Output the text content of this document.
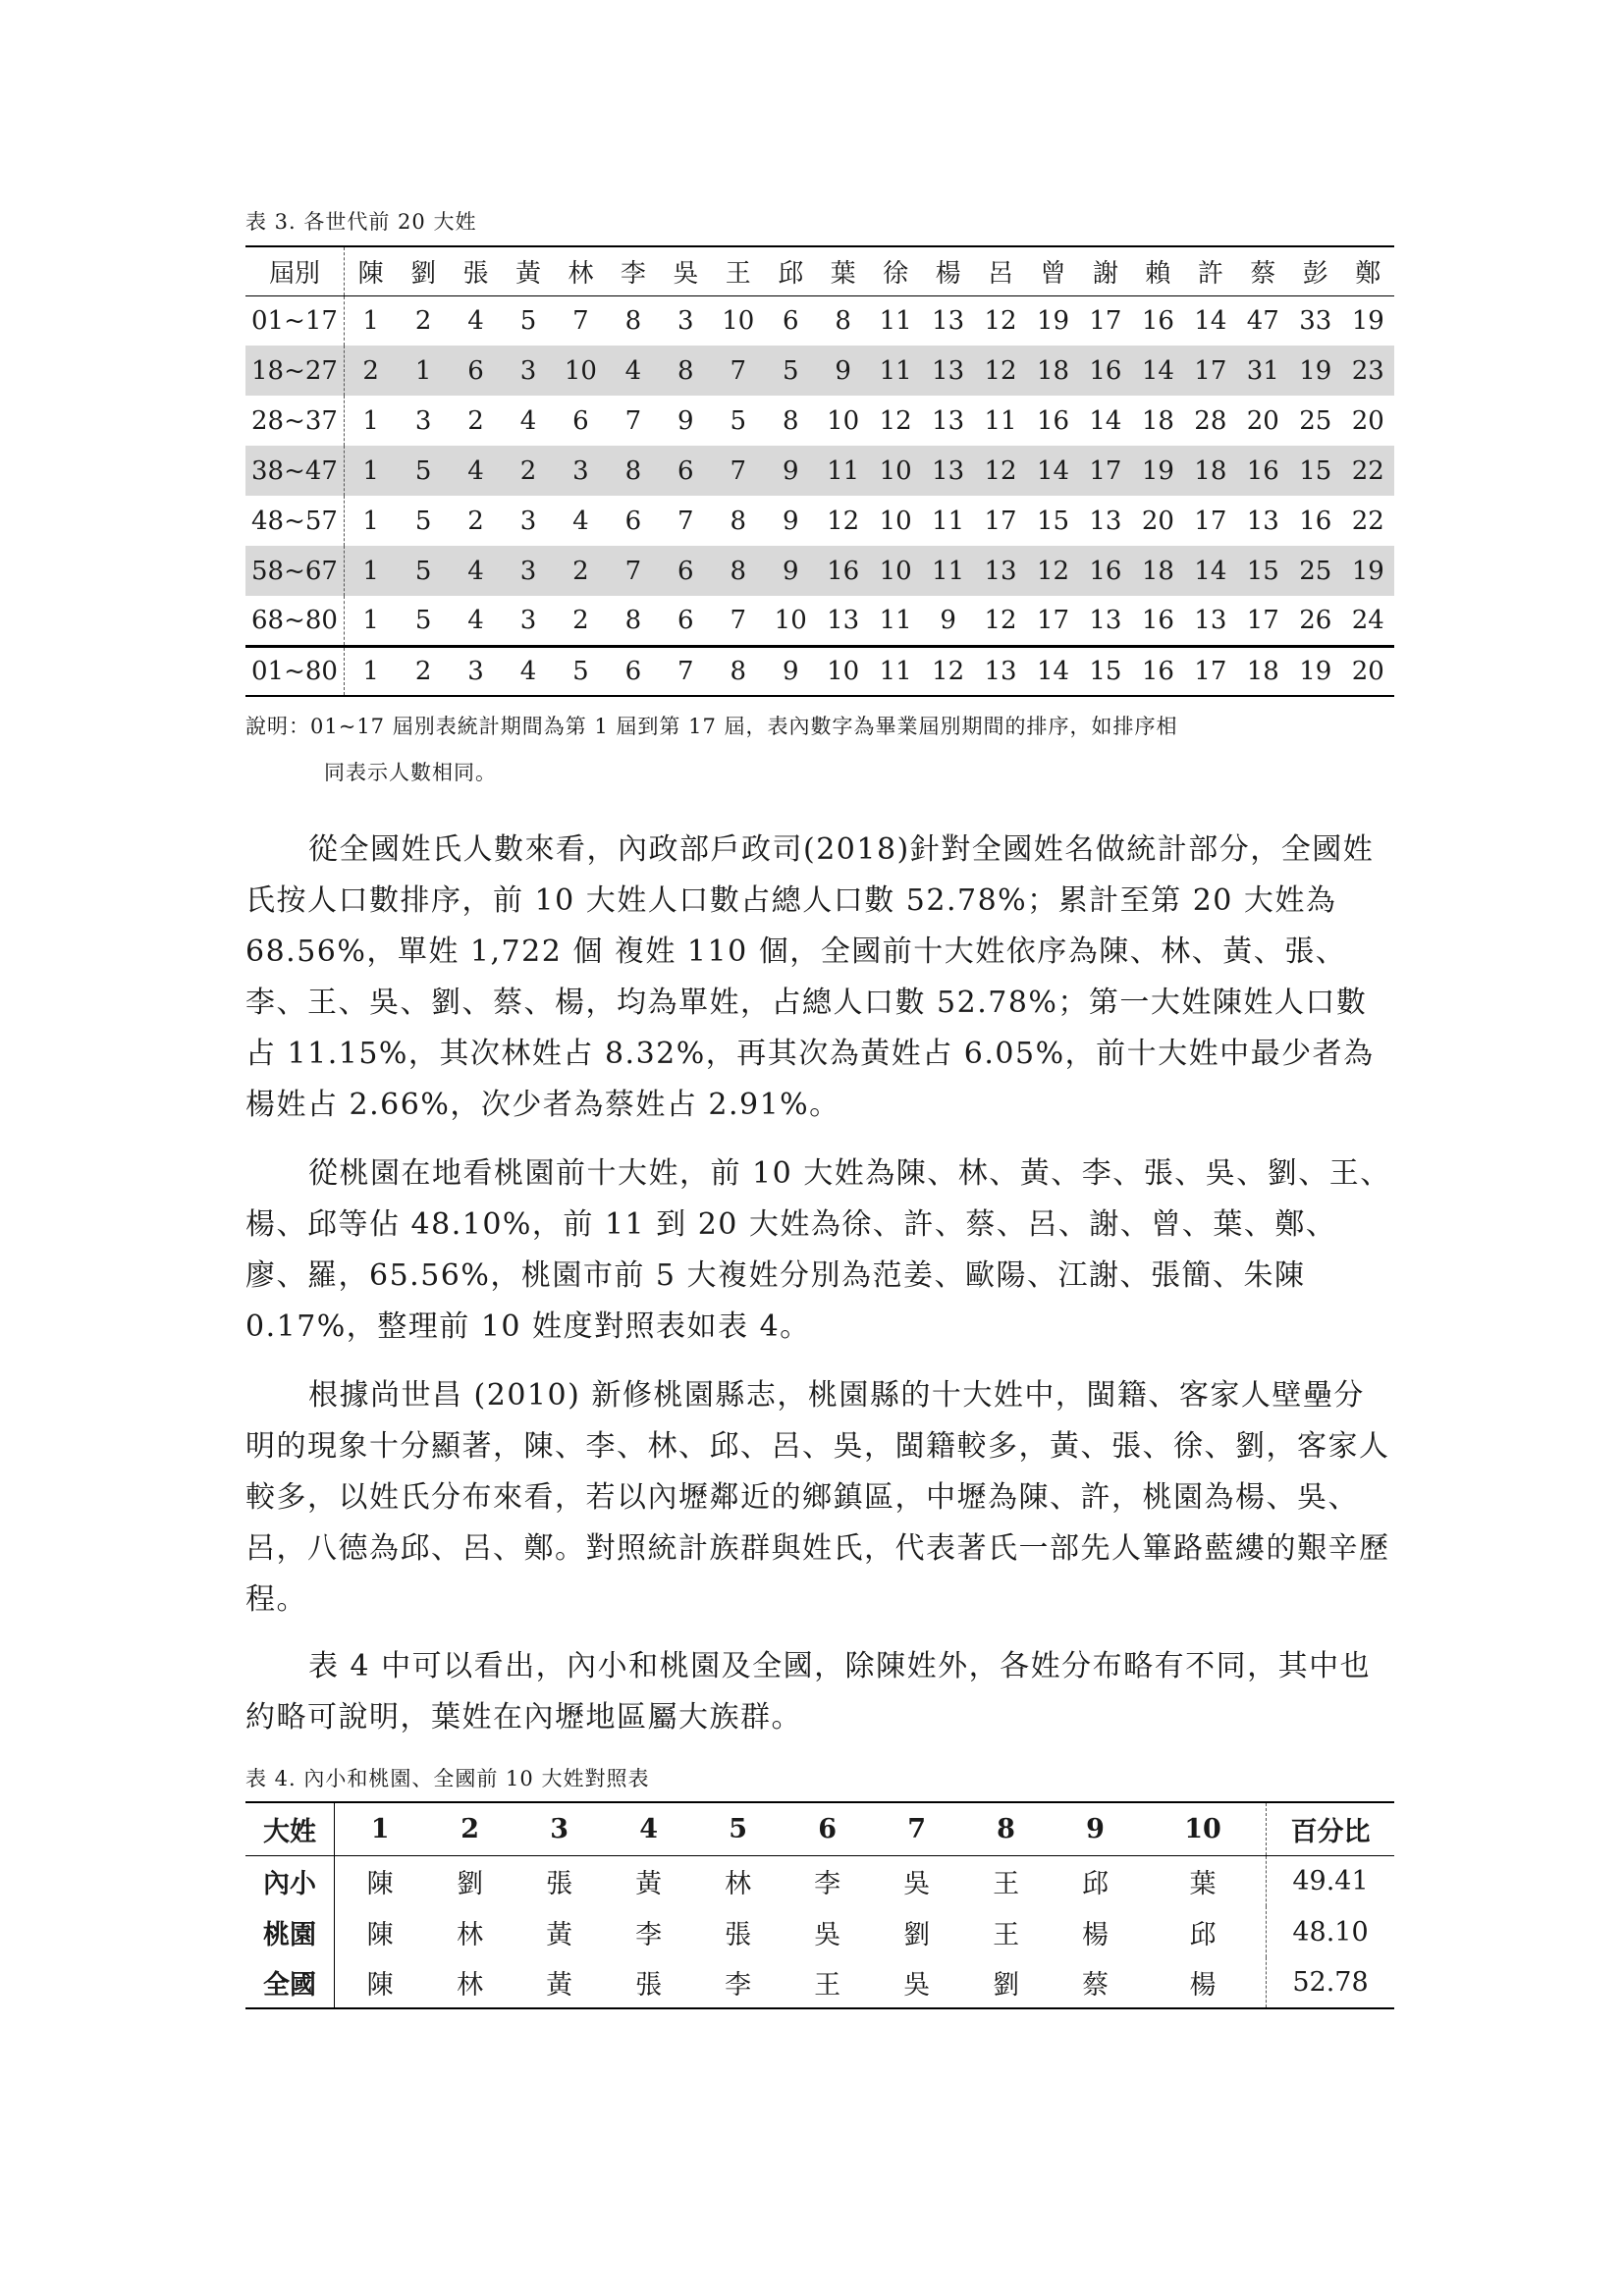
表 3. 各世代前 20 大姓
屆別	陳	劉	張	黃	林	李	吳	王	邱	葉	徐	楊	呂	曾	謝	賴	許	蔡	彭	鄭
01~17	1	2	4	5	7	8	3	10	6	8	11	13	12	19	17	16	14	47	33	19
18~27	2	1	6	3	10	4	8	7	5	9	11	13	12	18	16	14	17	31	19	23
28~37	1	3	2	4	6	7	9	5	8	10	12	13	11	16	14	18	28	20	25	20
38~47	1	5	4	2	3	8	6	7	9	11	10	13	12	14	17	19	18	16	15	22
48~57	1	5	2	3	4	6	7	8	9	12	10	11	17	15	13	20	17	13	16	22
58~67	1	5	4	3	2	7	6	8	9	16	10	11	13	12	16	18	14	15	25	19
68~80	1	5	4	3	2	8	6	7	10	13	11	9	12	17	13	16	13	17	26	24
01~80	1	2	3	4	5	6	7	8	9	10	11	12	13	14	15	16	17	18	19	20
說明：01~17 屆別表統計期間為第 1 屆到第 17 屆，表內數字為畢業屆別期間的排序，如排序相
同表示人數相同。

從全國姓氏人數來看，內政部戶政司(2018)針對全國姓名做統計部分，全國姓氏按人口數排序，前 10 大姓人口數占總人口數 52.78%；累計至第 20 大姓為 68.56%，單姓 1,722 個 複姓 110 個，全國前十大姓依序為陳、林、黃、張、李、王、吳、劉、蔡、楊，均為單姓，占總人口數 52.78%；第一大姓陳姓人口數占 11.15%，其次林姓占 8.32%，再其次為黃姓占 6.05%，前十大姓中最少者為楊姓占 2.66%，次少者為蔡姓占 2.91%。

從桃園在地看桃園前十大姓，前 10 大姓為陳、林、黃、李、張、吳、劉、王、楊、邱等佔 48.10%，前 11 到 20 大姓為徐、許、蔡、呂、謝、曾、葉、鄭、廖、羅，65.56%，桃園市前 5 大複姓分別為范姜、歐陽、江謝、張簡、朱陳 0.17%，整理前 10 姓度對照表如表 4。

根據尚世昌 (2010) 新修桃園縣志，桃園縣的十大姓中，閩籍、客家人壁壘分明的現象十分顯著，陳、李、林、邱、呂、吳，閩籍較多，黃、張、徐、劉，客家人較多，以姓氏分布來看，若以內壢鄰近的鄉鎮區，中壢為陳、許，桃園為楊、吳、呂，八德為邱、呂、鄭。對照統計族群與姓氏，代表著氏一部先人篳路藍縷的艱辛歷程。

表 4 中可以看出，內小和桃園及全國，除陳姓外，各姓分布略有不同，其中也約略可說明，葉姓在內壢地區屬大族群。

表 4. 內小和桃園、全國前 10 大姓對照表
大姓	1	2	3	4	5	6	7	8	9	10	百分比
內小	陳	劉	張	黃	林	李	吳	王	邱	葉	49.41
桃園	陳	林	黃	李	張	吳	劉	王	楊	邱	48.10
全國	陳	林	黃	張	李	王	吳	劉	蔡	楊	52.78
